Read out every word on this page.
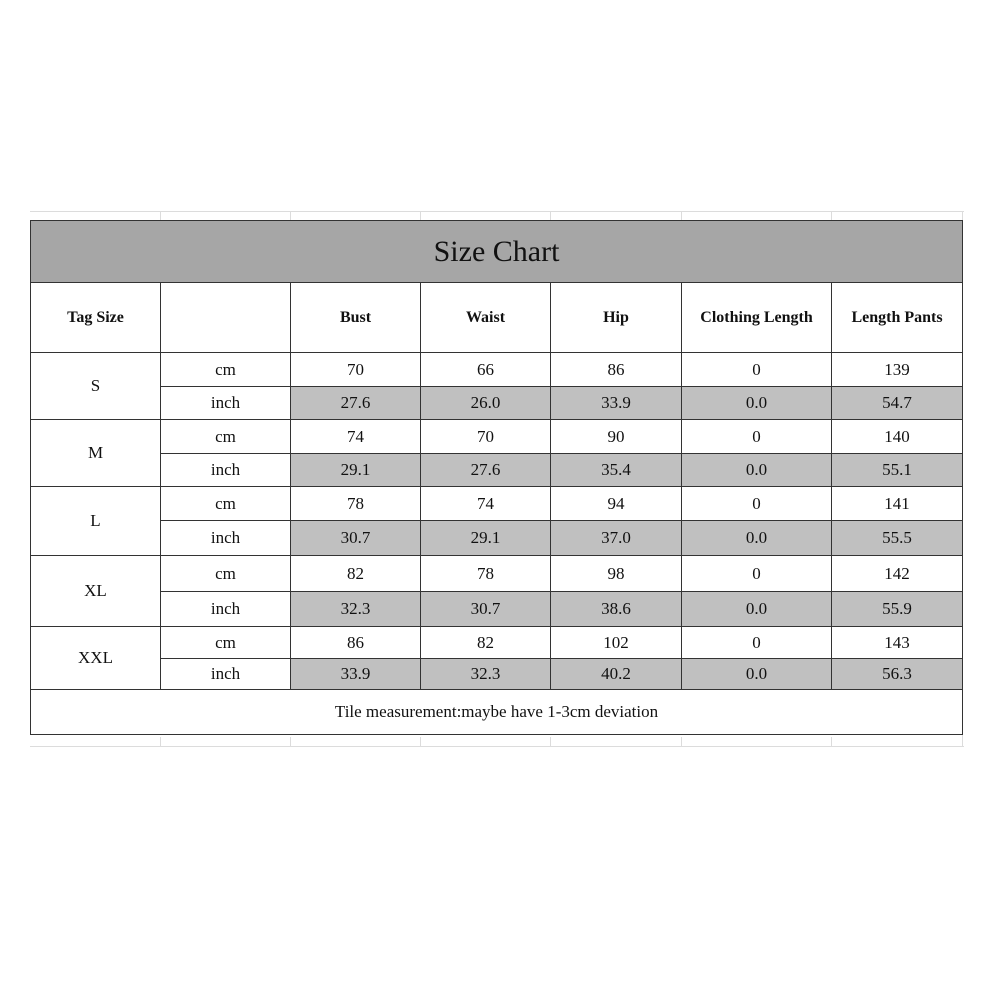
Size Chart						
Tag Size		Bust	Waist	Hip	Clothing Length	Length Pants
S	cm	70	66	86	0	139
	inch	27.6	26.0	33.9	0.0	54.7
M	cm	74	70	90	0	140
	inch	29.1	27.6	35.4	0.0	55.1
L	cm	78	74	94	0	141
	inch	30.7	29.1	37.0	0.0	55.5
XL	cm	82	78	98	0	142
	inch	32.3	30.7	38.6	0.0	55.9
XXL	cm	86	82	102	0	143
	inch	33.9	32.3	40.2	0.0	56.3
Tile measurement:maybe have 1-3cm deviation						
